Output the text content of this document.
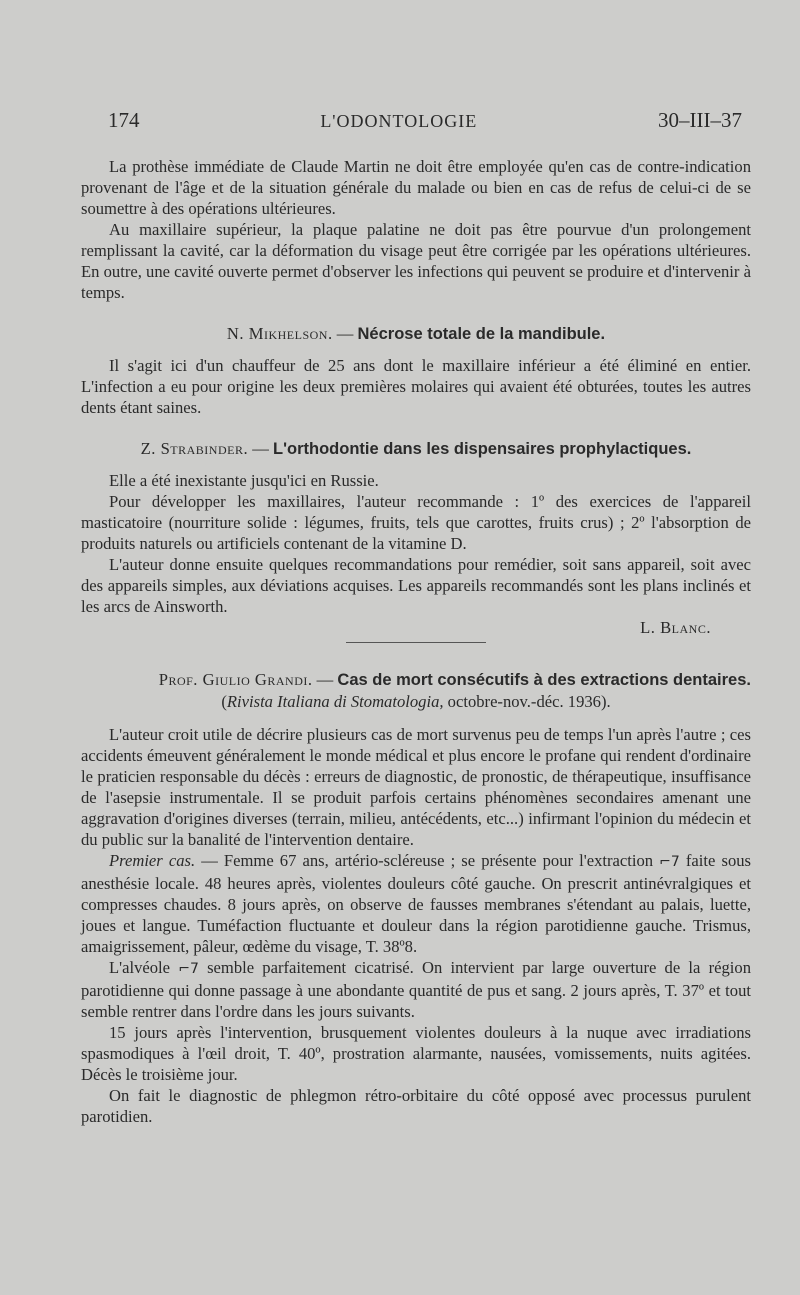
174	L'ODONTOLOGIE	30–III–37

La prothèse immédiate de Claude Martin ne doit être employée qu'en cas de contre-indication provenant de l'âge et de la situation générale du malade ou bien en cas de refus de celui-ci de se soumettre à des opérations ultérieures.

Au maxillaire supérieur, la plaque palatine ne doit pas être pourvue d'un prolongement remplissant la cavité, car la déformation du visage peut être corrigée par les opérations ultérieures. En outre, une cavité ouverte permet d'observer les infections qui peuvent se produire et d'intervenir à temps.

N. Mikhelson. — Nécrose totale de la mandibule.

Il s'agit ici d'un chauffeur de 25 ans dont le maxillaire inférieur a été éliminé en entier. L'infection a eu pour origine les deux premières molaires qui avaient été obturées, toutes les autres dents étant saines.

Z. Strabinder. — L'orthodontie dans les dispensaires prophylactiques.

Elle a été inexistante jusqu'ici en Russie.

Pour développer les maxillaires, l'auteur recommande : 1º des exercices de l'appareil masticatoire (nourriture solide : légumes, fruits, tels que carottes, fruits crus) ; 2º l'absorption de produits naturels ou artificiels contenant de la vitamine D.

L'auteur donne ensuite quelques recommandations pour remédier, soit sans appareil, soit avec des appareils simples, aux déviations acquises. Les appareils recommandés sont les plans inclinés et les arcs de Ainsworth.

L. Blanc.

Prof. Giulio Grandi. — Cas de mort consécutifs à des extractions dentaires.

(Rivista Italiana di Stomatologia, octobre-nov.-déc. 1936).

L'auteur croit utile de décrire plusieurs cas de mort survenus peu de temps l'un après l'autre ; ces accidents émeuvent généralement le monde médical et plus encore le profane qui rendent d'ordinaire le praticien responsable du décès : erreurs de diagnostic, de pronostic, de thérapeutique, insuffisance de l'asepsie instrumentale. Il se produit parfois certains phénomènes secondaires amenant une aggravation d'origines diverses (terrain, milieu, antécédents, etc...) infirmant l'opinion du médecin et du public sur la banalité de l'intervention dentaire.

Premier cas. — Femme 67 ans, artério-scléreuse ; se présente pour l'extraction ⌐7 faite sous anesthésie locale. 48 heures après, violentes douleurs côté gauche. On prescrit antinévralgiques et compresses chaudes. 8 jours après, on observe de fausses membranes s'étendant au palais, luette, joues et langue. Tuméfaction fluctuante et douleur dans la région parotidienne gauche. Trismus, amaigrissement, pâleur, œdème du visage, T. 38º8.

L'alvéole ⌐7 semble parfaitement cicatrisé. On intervient par large ouverture de la région parotidienne qui donne passage à une abondante quantité de pus et sang. 2 jours après, T. 37º et tout semble rentrer dans l'ordre dans les jours suivants.

15 jours après l'intervention, brusquement violentes douleurs à la nuque avec irradiations spasmodiques à l'œil droit, T. 40º, prostration alarmante, nausées, vomissements, nuits agitées. Décès le troisième jour.

On fait le diagnostic de phlegmon rétro-orbitaire du côté opposé avec processus purulent parotidien.
